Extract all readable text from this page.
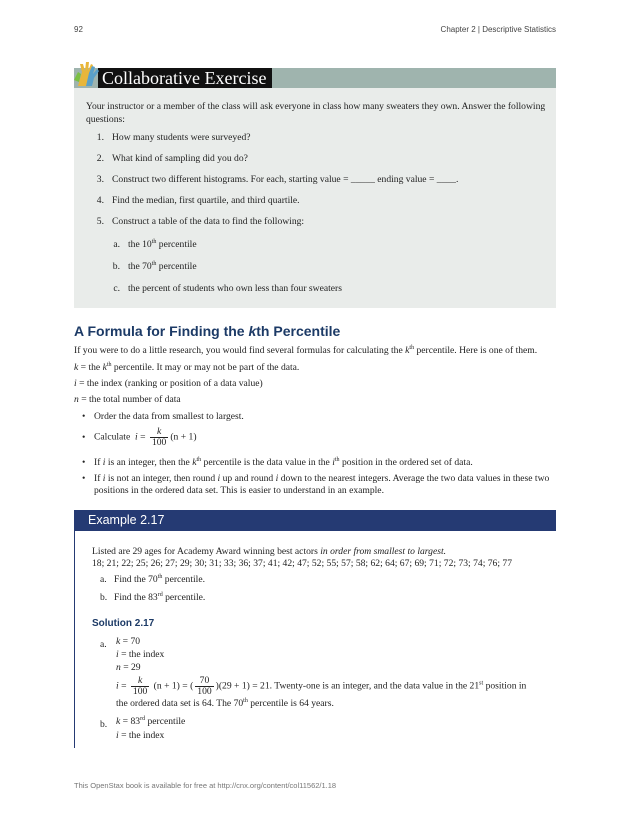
92	Chapter 2 | Descriptive Statistics
Collaborative Exercise
Your instructor or a member of the class will ask everyone in class how many sweaters they own. Answer the following questions:
1. How many students were surveyed?
2. What kind of sampling did you do?
3. Construct two different histograms. For each, starting value = _____ ending value = ____.
4. Find the median, first quartile, and third quartile.
5. Construct a table of the data to find the following:
a. the 10th percentile
b. the 70th percentile
c. the percent of students who own less than four sweaters
A Formula for Finding the kth Percentile
If you were to do a little research, you would find several formulas for calculating the $k^{th}$ percentile. Here is one of them.
k = the $k^{th}$ percentile. It may or may not be part of the data.
i = the index (ranking or position of a data value)
n = the total number of data
• Order the data from smallest to largest.
• Calculate $i = \frac{k}{100} (n + 1)$
• If i is an integer, then the $k^{th}$ percentile is the data value in the $i^{th}$ position in the ordered set of data.
• If i is not an integer, then round i up and round i down to the nearest integers. Average the two data values in these two positions in the ordered data set. This is easier to understand in an example.
Example 2.17
Listed are 29 ages for Academy Award winning best actors in order from smallest to largest.
18; 21; 22; 25; 26; 27; 29; 30; 31; 33; 36; 37; 41; 42; 47; 52; 55; 57; 58; 62; 64; 67; 69; 71; 72; 73; 74; 76; 77
a. Find the 70th percentile.
b. Find the 83rd percentile.
Solution 2.17
a. k = 70
i = the index
n = 29
$i = \frac{k}{100} (n + 1)$ = ( $\frac{70}{100} )(29 + 1) = 21$. Twenty-one is an integer, and the data value in the 21st position in
the ordered data set is 64. The 70th percentile is 64 years.
b. k = 83rd percentile
i = the index
This OpenStax book is available for free at http://cnx.org/content/col11562/1.18
